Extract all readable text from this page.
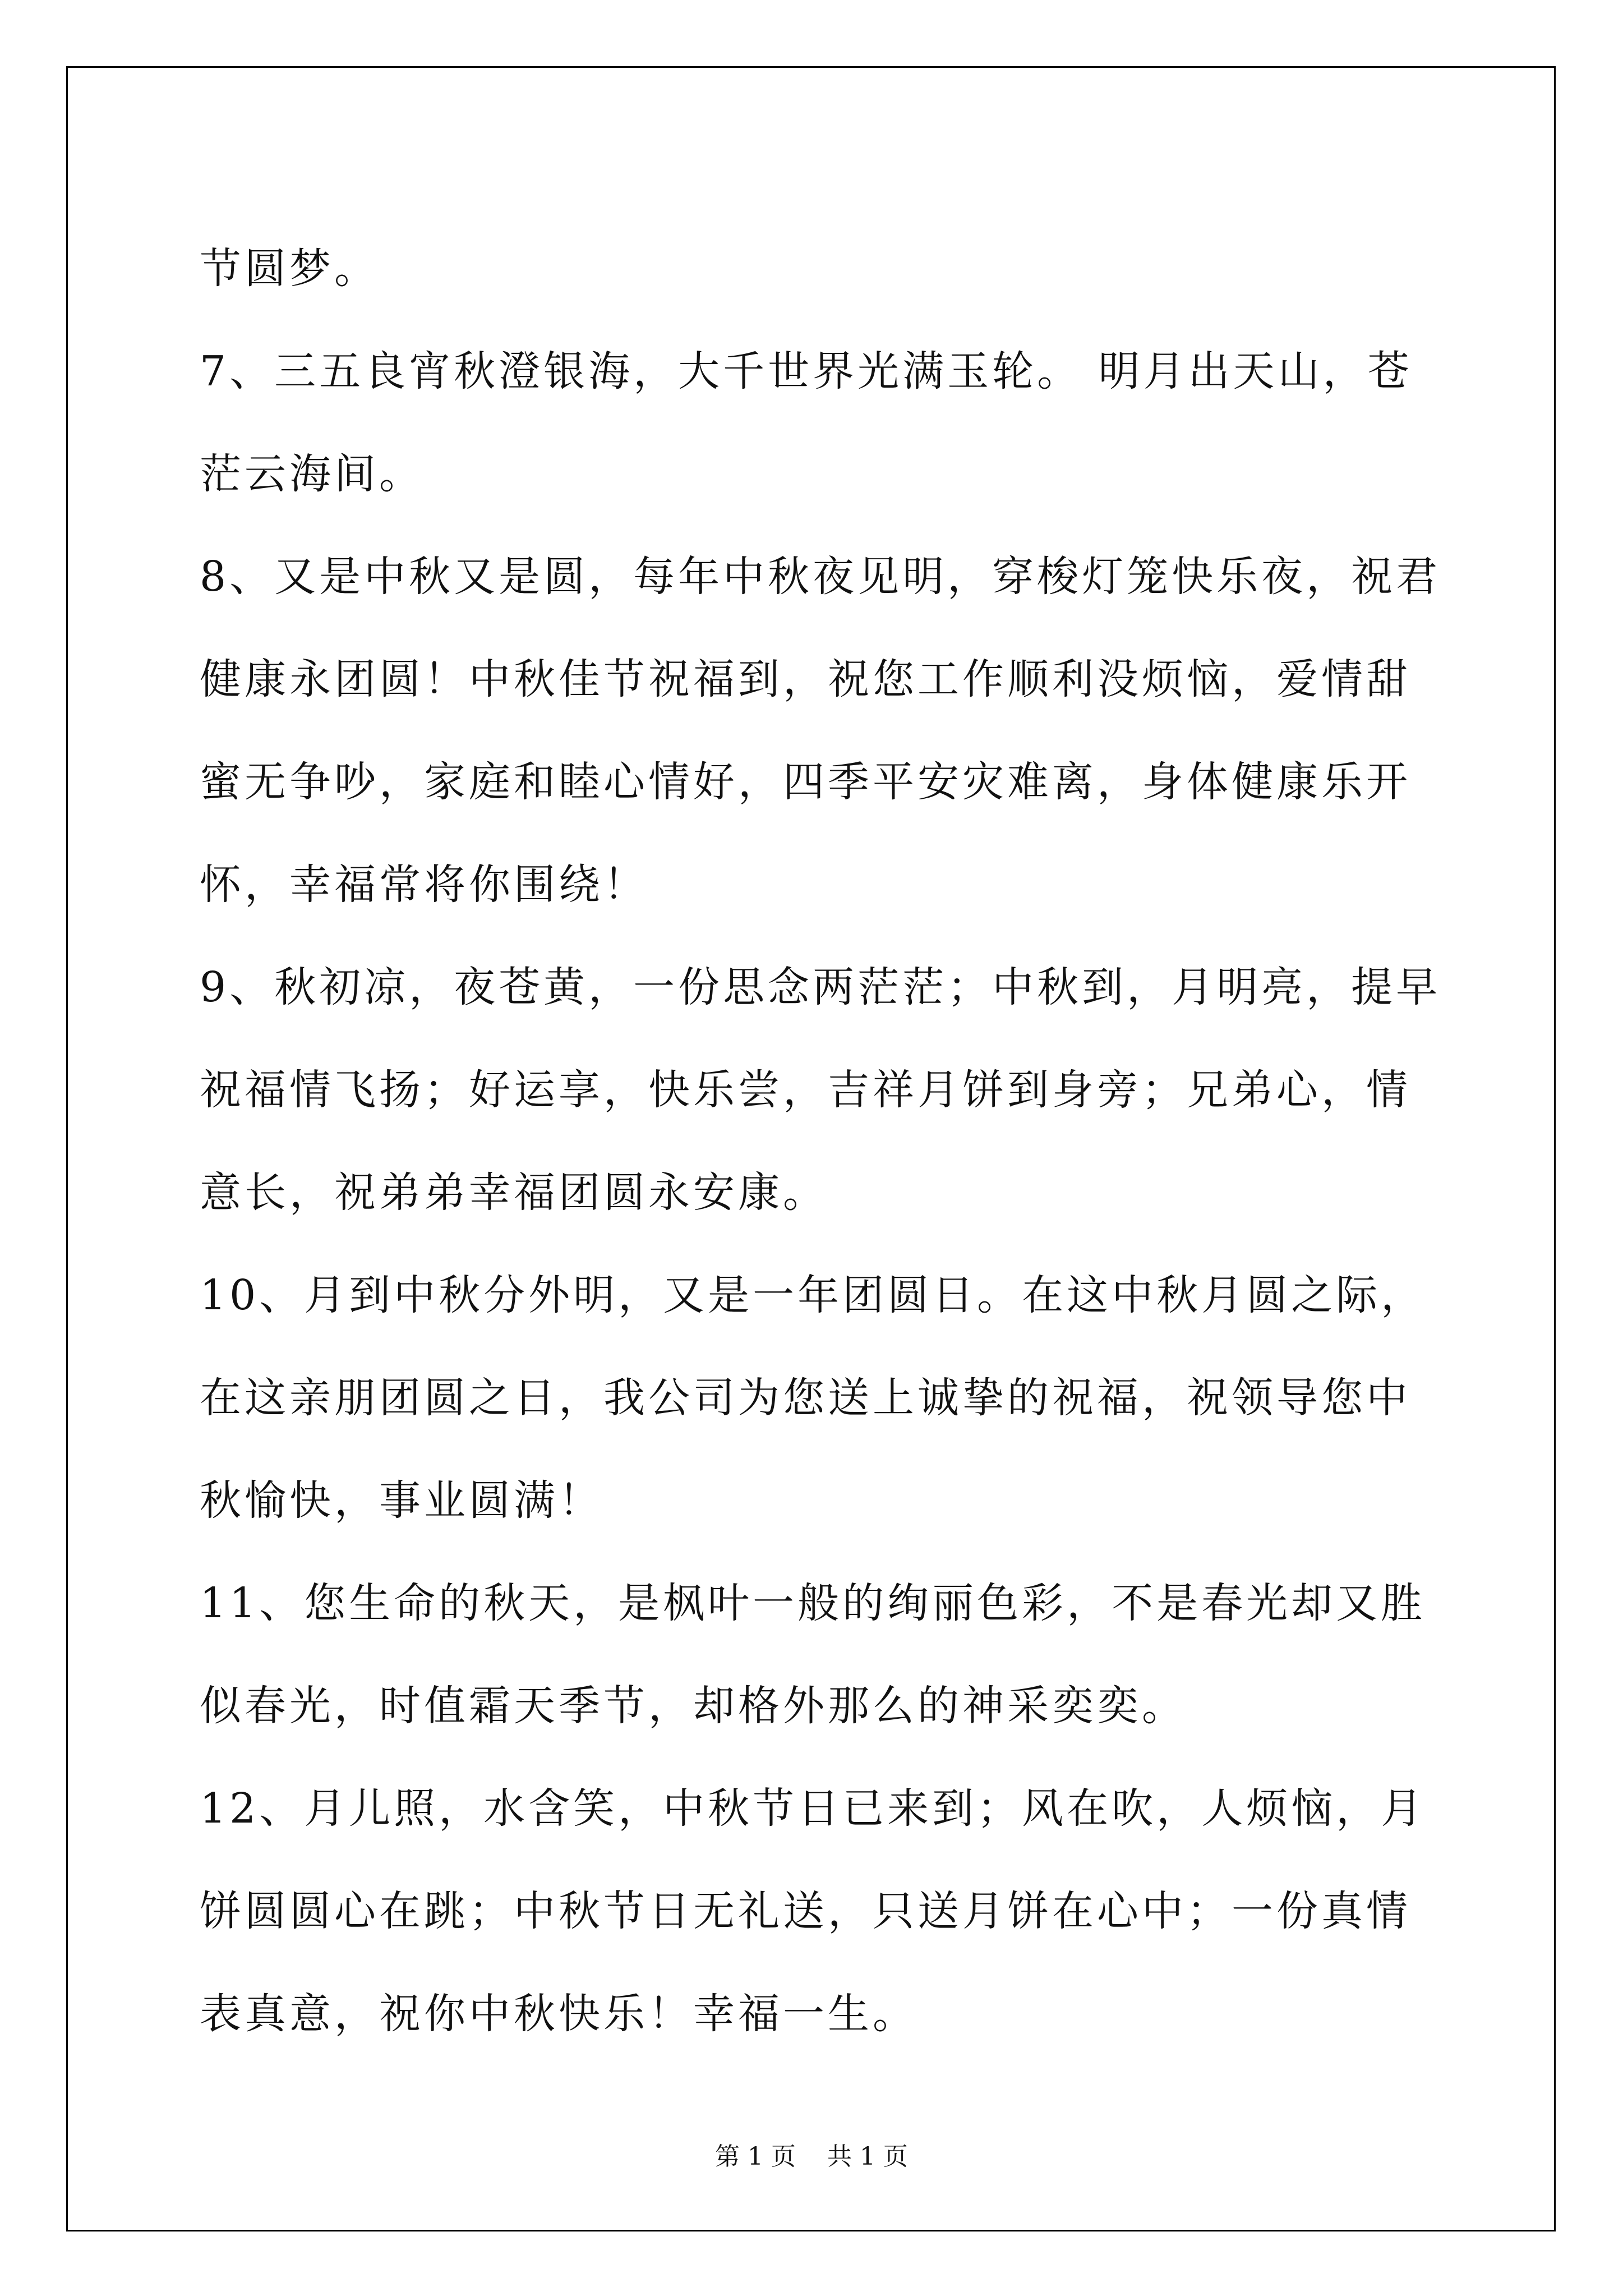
节圆梦。

7、三五良宵秋澄银海，大千世界光满玉轮。 明月出天山，苍茫云海间。

8、又是中秋又是圆，每年中秋夜见明，穿梭灯笼快乐夜，祝君健康永团圆！中秋佳节祝福到，祝您工作顺利没烦恼，爱情甜蜜无争吵，家庭和睦心情好，四季平安灾难离，身体健康乐开怀，幸福常将你围绕！

9、秋初凉，夜苍黄，一份思念两茫茫；中秋到，月明亮，提早祝福情飞扬；好运享，快乐尝，吉祥月饼到身旁；兄弟心，情意长，祝弟弟幸福团圆永安康。

10、月到中秋分外明，又是一年团圆日。在这中秋月圆之际，在这亲朋团圆之日，我公司为您送上诚挚的祝福，祝领导您中秋愉快，事业圆满！

11、您生命的秋天，是枫叶一般的绚丽色彩，不是春光却又胜似春光，时值霜天季节，却格外那么的神采奕奕。

12、月儿照，水含笑，中秋节日已来到；风在吹，人烦恼，月饼圆圆心在跳；中秋节日无礼送，只送月饼在心中；一份真情表真意，祝你中秋快乐！幸福一生。

第 1 页    共 1 页
